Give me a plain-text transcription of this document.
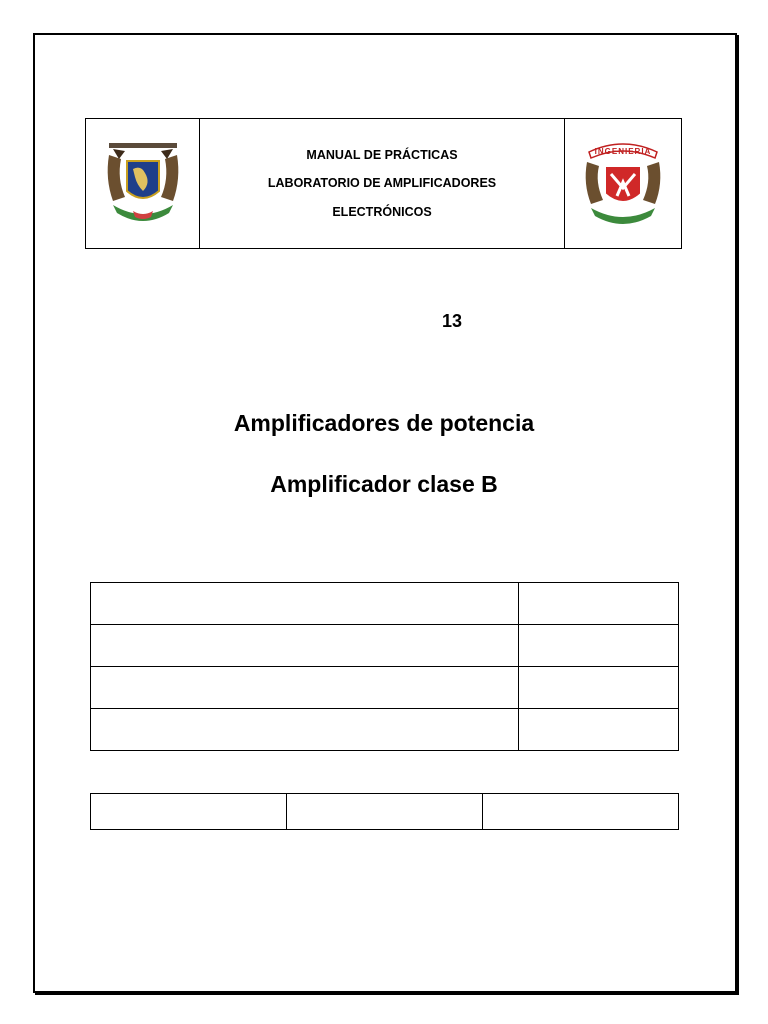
MANUAL DE PRÁCTICAS
LABORATORIO DE AMPLIFICADORES
ELECTRÓNICOS
INGENIERIA
13
Amplificadores de potencia
Amplificador clase B
